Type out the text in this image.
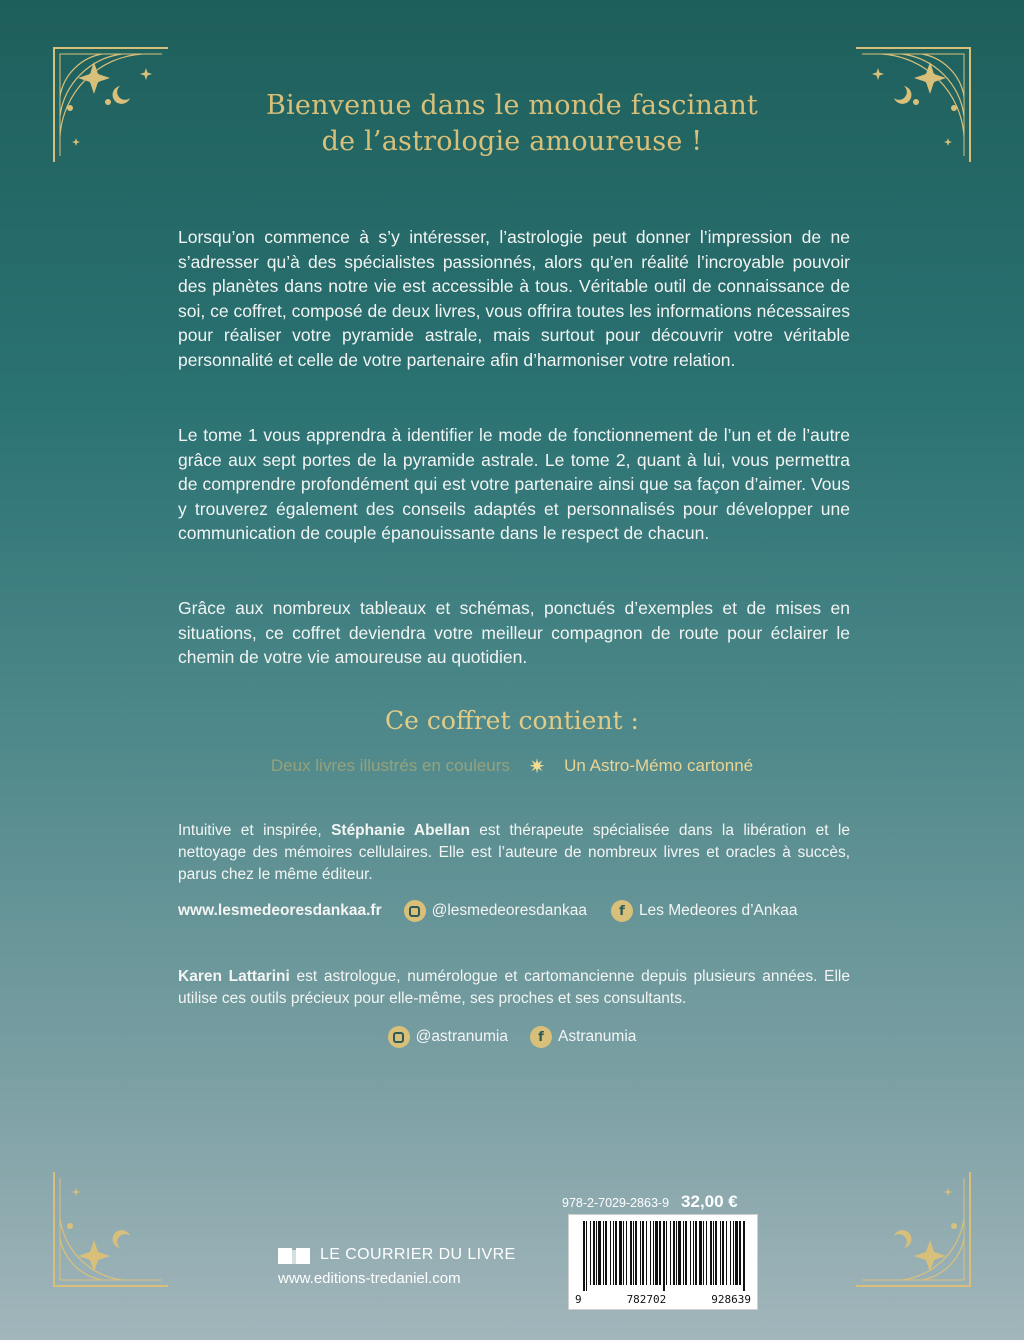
Bienvenue dans le monde fascinant
de l’astrologie amoureuse !

Lorsqu’on commence à s’y intéresser, l’astrologie peut donner l’impression de ne s’adresser qu’à des spécialistes passionnés, alors qu’en réalité l’incroyable pouvoir des planètes dans notre vie est accessible à tous. Véritable outil de connaissance de soi, ce coffret, composé de deux livres, vous offrira toutes les informations nécessaires pour réaliser votre pyramide astrale, mais surtout pour découvrir votre véritable personnalité et celle de votre partenaire afin d’harmoniser votre relation.

Le tome 1 vous apprendra à identifier le mode de fonctionnement de l’un et de l’autre grâce aux sept portes de la pyramide astrale. Le tome 2, quant à lui, vous permettra de comprendre profondément qui est votre partenaire ainsi que sa façon d’aimer. Vous y trouverez également des conseils adaptés et personnalisés pour développer une communication de couple épanouissante dans le respect de chacun.

Grâce aux nombreux tableaux et schémas, ponctués d’exemples et de mises en situations, ce coffret deviendra votre meilleur compagnon de route pour éclairer le chemin de votre vie amoureuse au quotidien.

Ce coffret contient :
Deux livres illustrés en couleurs ✷ Un Astro-Mémo cartonné

Intuitive et inspirée, Stéphanie Abellan est thérapeute spécialisée dans la libération et le nettoyage des mémoires cellulaires. Elle est l’auteure de nombreux livres et oracles à succès, parus chez le même éditeur.

www.lesmedeoresdankaa.fr	@lesmedeoresdankaa	f Les Medeores d’Ankaa

Karen Lattarini est astrologue, numérologue et cartomancienne depuis plusieurs années. Elle utilise ces outils précieux pour elle-même, ses proches et ses consultants.

@astranumia	f Astranumia
LE COURRIER DU LIVRE
www.editions-tredaniel.com
978-2-7029-2863-9 32,00 €
9	782702	928639
